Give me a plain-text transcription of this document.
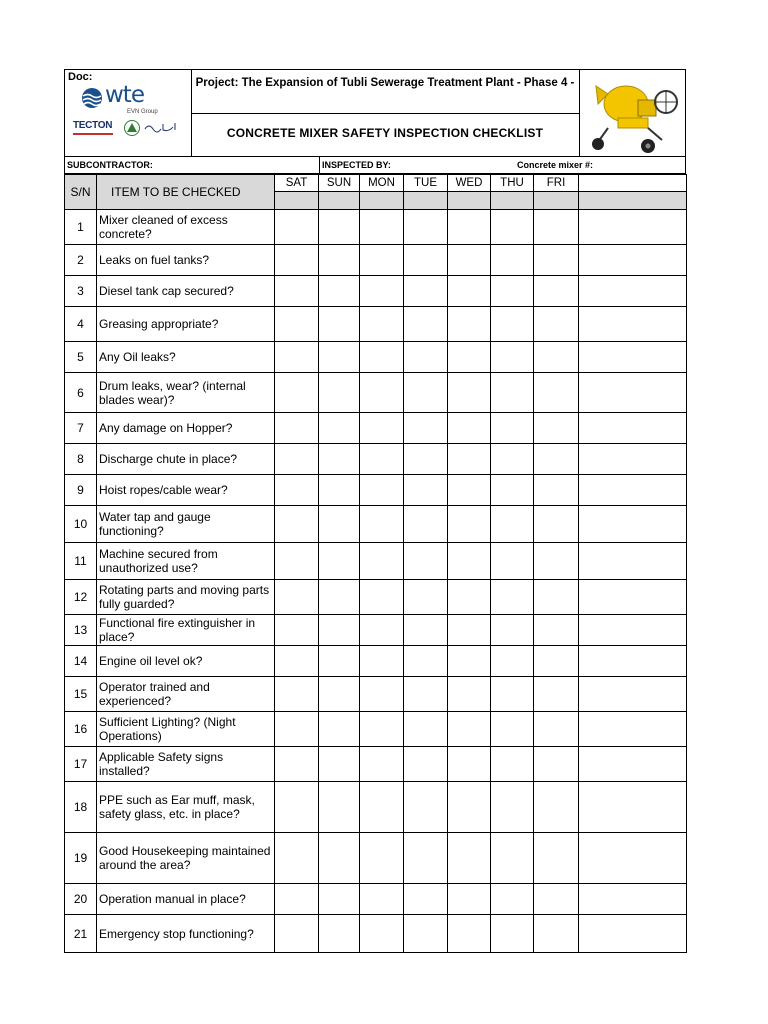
Doc:
wte
EVN Group
TECTON
Project: The Expansion of Tubli Sewerage Treatment Plant - Phase 4 -
CONCRETE MIXER SAFETY INSPECTION CHECKLIST
SUBCONTRACTOR:	INSPECTED BY:	Concrete mixer #:
S/N	ITEM TO BE CHECKED	SAT	SUN	MON	TUE	WED	THU	FRI	

1	Mixer cleaned of excess concrete?								
2	Leaks on fuel tanks?								
3	Diesel tank cap secured?								
4	Greasing appropriate?								
5	Any Oil leaks?								
6	Drum leaks, wear? (internal blades wear)?								
7	Any damage on Hopper?								
8	Discharge chute in place?								
9	Hoist ropes/cable wear?								
10	Water tap and gauge functioning?								
11	Machine secured from unauthorized use?								
12	Rotating parts and moving parts fully guarded?								
13	Functional fire extinguisher in place?								
14	Engine oil level ok?								
15	Operator trained and experienced?								
16	Sufficient Lighting? (Night Operations)								
17	Applicable Safety signs installed?								
18	PPE such as Ear muff, mask, safety glass, etc. in place?								
19	Good Housekeeping maintained around the area?								
20	Operation manual in place?								
21	Emergency stop functioning?								
